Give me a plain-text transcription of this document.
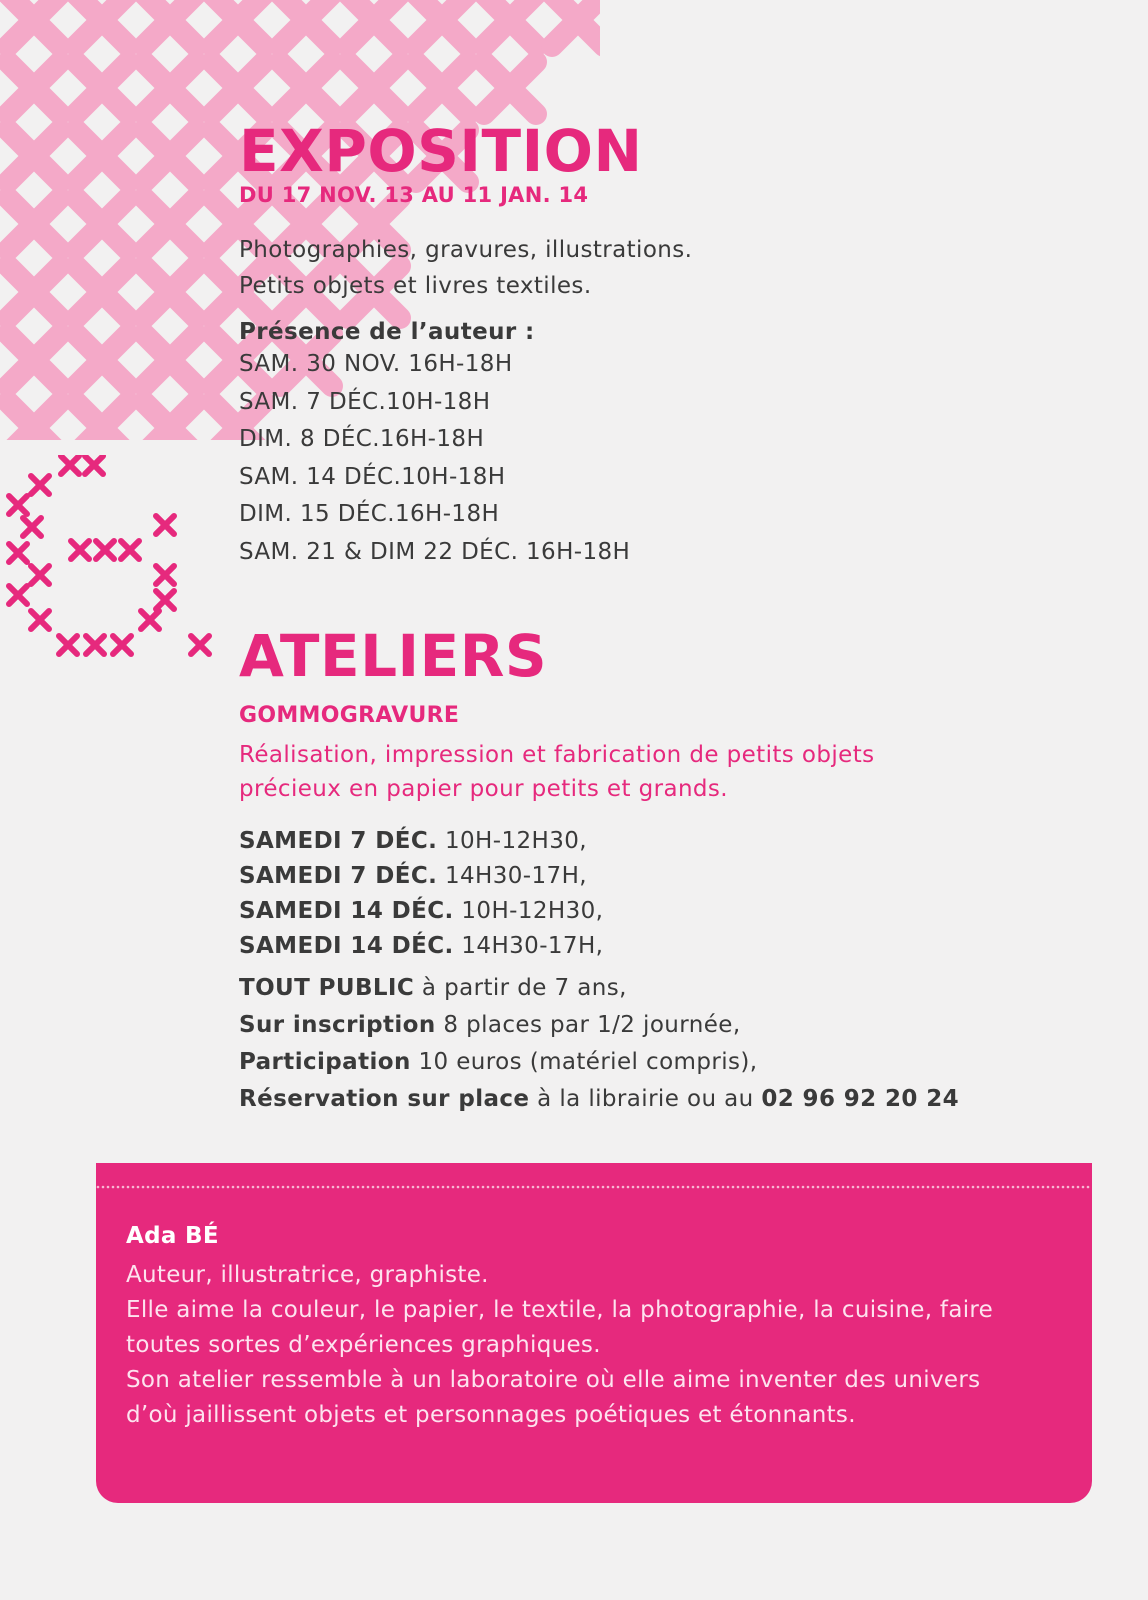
EXPOSITION

DU 17 NOV. 13 AU 11 JAN. 14

Photographies, gravures, illustrations.

Petits objets et livres textiles.

Présence de l’auteur :

SAM. 30 NOV. 16H-18H

SAM. 7 DÉC.10H-18H

DIM. 8 DÉC.16H-18H

SAM. 14 DÉC.10H-18H

DIM. 15 DÉC.16H-18H

SAM. 21 & DIM 22 DÉC. 16H-18H

ATELIERS

GOMMOGRAVURE

Réalisation, impression et fabrication de petits objets

précieux en papier pour petits et grands.

SAMEDI 7 DÉC. 10H-12H30,

SAMEDI 7 DÉC. 14H30-17H,

SAMEDI 14 DÉC. 10H-12H30,

SAMEDI 14 DÉC. 14H30-17H,

TOUT PUBLIC à partir de 7 ans,

Sur inscription 8 places par 1/2 journée,

Participation 10 euros (matériel compris),

Réservation sur place à la librairie ou au 02 96 92 20 24

Ada BÉ

Auteur, illustratrice, graphiste.

Elle aime la couleur, le papier, le textile, la photographie, la cuisine, faire

toutes sortes d’expériences graphiques.

Son atelier ressemble à un laboratoire où elle aime inventer des univers

d’où jaillissent objets et personnages poétiques et étonnants.
